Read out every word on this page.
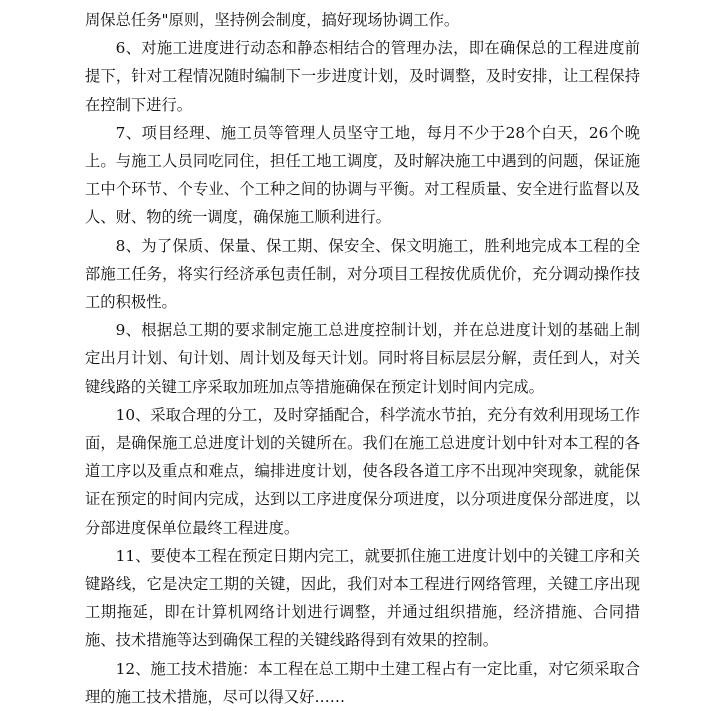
周保总任务"原则，坚持例会制度，搞好现场协调工作。

6、对施工进度进行动态和静态相结合的管理办法，即在确保总的工程进度前提下，针对工程情况随时编制下一步进度计划，及时调整，及时安排，让工程保持在控制下进行。

7、项目经理、施工员等管理人员坚守工地，每月不少于28个白天，26个晚上。与施工人员同吃同住，担任工地工调度，及时解决施工中遇到的问题，保证施工中个环节、个专业、个工种之间的协调与平衡。对工程质量、安全进行监督以及人、财、物的统一调度，确保施工顺利进行。

8、为了保质、保量、保工期、保安全、保文明施工，胜利地完成本工程的全部施工任务，将实行经济承包责任制，对分项目工程按优质优价，充分调动操作技工的积极性。

9、根据总工期的要求制定施工总进度控制计划，并在总进度计划的基础上制定出月计划、旬计划、周计划及每天计划。同时将目标层层分解，责任到人，对关键线路的关键工序采取加班加点等措施确保在预定计划时间内完成。

10、采取合理的分工，及时穿插配合，科学流水节拍，充分有效利用现场工作面，是确保施工总进度计划的关键所在。我们在施工总进度计划中针对本工程的各道工序以及重点和难点，编排进度计划，使各段各道工序不出现冲突现象，就能保证在预定的时间内完成，达到以工序进度保分项进度，以分项进度保分部进度，以分部进度保单位最终工程进度。

11、要使本工程在预定日期内完工，就要抓住施工进度计划中的关键工序和关键路线，它是决定工期的关键，因此，我们对本工程进行网络管理，关键工序出现工期拖延，即在计算机网络计划进行调整，并通过组织措施，经济措施、合同措施、技术措施等达到确保工程的关键线路得到有效果的控制。

12、施工技术措施：本工程在总工期中土建工程占有一定比重，对它须采取合理的施工技术措施，尽可以得又好……
